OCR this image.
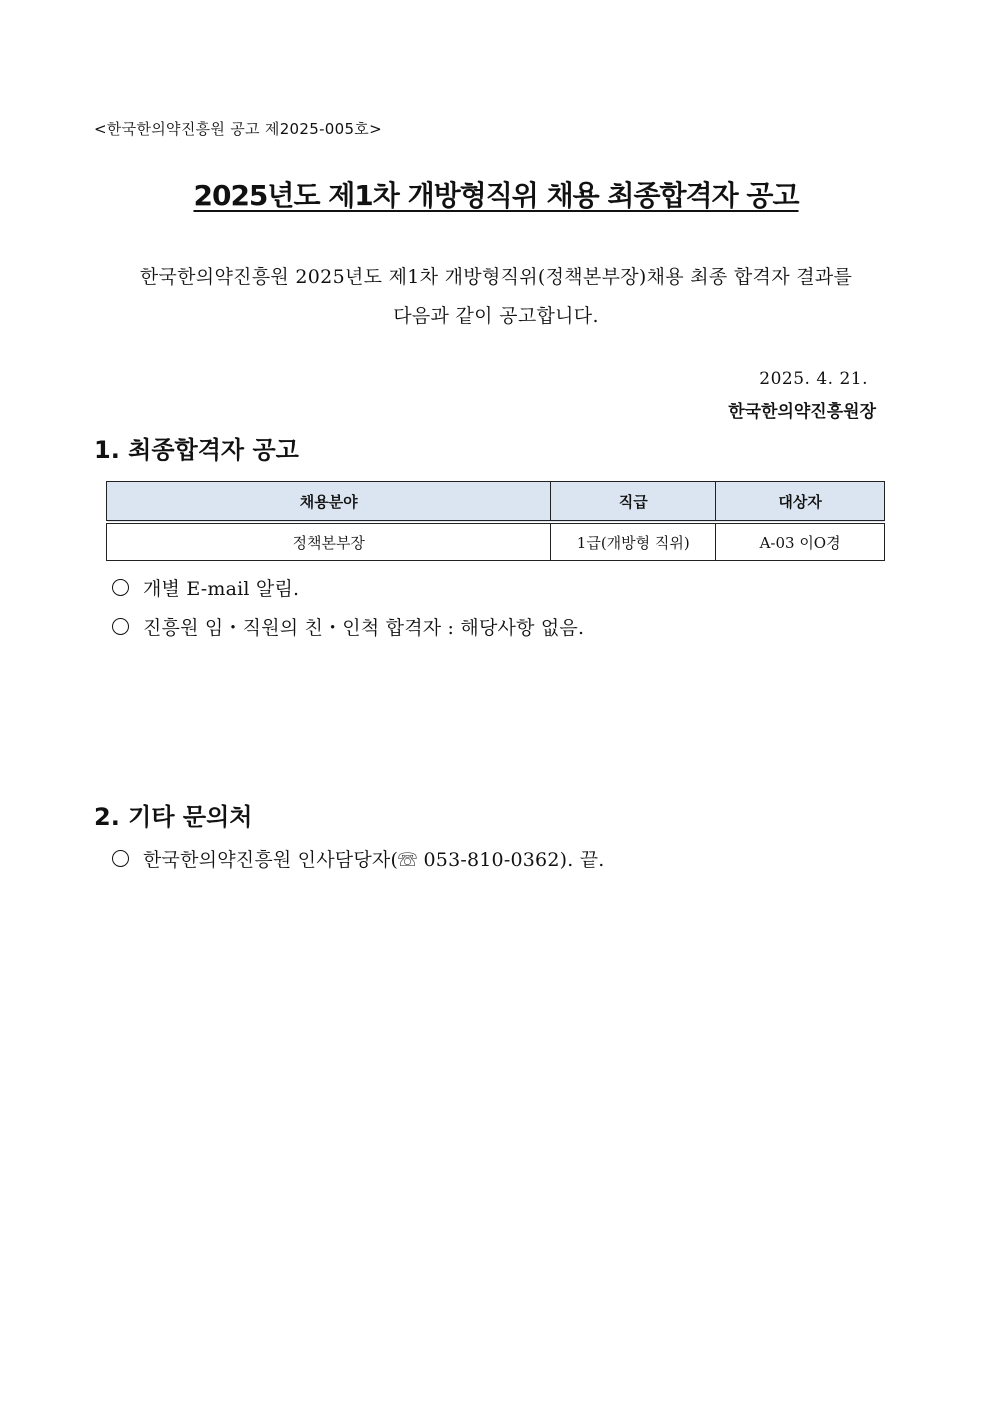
<한국한의약진흥원 공고 제2025-005호>
2025년도 제1차 개방형직위 채용 최종합격자 공고
한국한의약진흥원 2025년도 제1차 개방형직위(정책본부장)채용 최종 합격자 결과를
다음과 같이 공고합니다.
2025. 4. 21.
한국한의약진흥원장
1. 최종합격자 공고
채용분야	직급	대상자
정책본부장	1급(개방형 직위)	A-03 이O경
개별 E-mail 알림.
진흥원 임・직원의 친・인척 합격자 : 해당사항 없음.
2. 기타 문의처
한국한의약진흥원 인사담당자(☏ 053-810-0362). 끝.
